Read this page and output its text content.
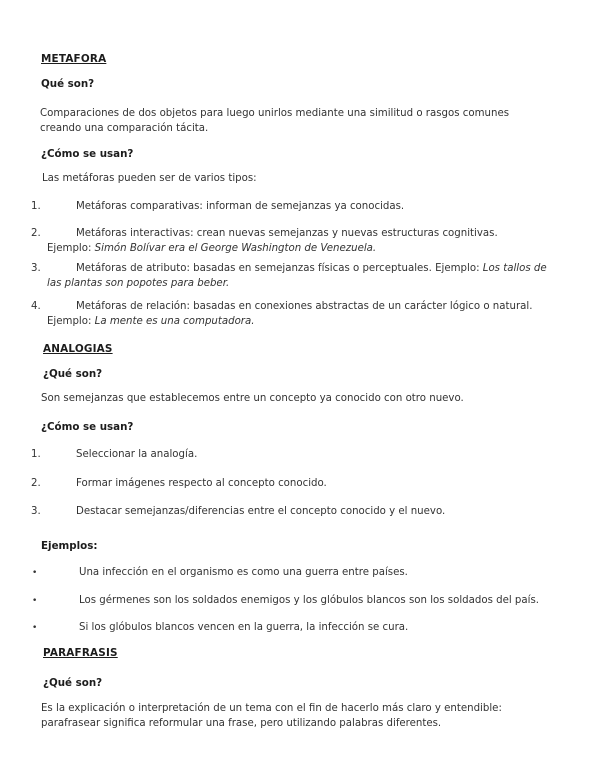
METAFORA
Qué son?
Comparaciones de dos objetos para luego unirlos mediante una similitud o rasgos comunes creando una comparación tácita.
¿Cómo se usan?
Las metáforas pueden ser de varios tipos:
1.	Metáforas comparativas: informan de semejanzas ya conocidas.
2.	Metáforas interactivas: crean nuevas semejanzas y nuevas estructuras cognitivas.
Ejemplo: Simón Bolívar era el George Washington de Venezuela.
3.	Metáforas de atributo: basadas en semejanzas físicas o perceptuales. Ejemplo: Los tallos de las plantas son popotes para beber.
4.	Metáforas de relación: basadas en conexiones abstractas de un carácter lógico o natural.
Ejemplo: La mente es una computadora.
ANALOGIAS
¿Qué son?
Son semejanzas que establecemos entre un concepto ya conocido con otro nuevo.
¿Cómo se usan?
1.	Seleccionar la analogía.
2.	Formar imágenes respecto al concepto conocido.
3.	Destacar semejanzas/diferencias entre el concepto conocido y el nuevo.
Ejemplos:
•	Una infección en el organismo es como una guerra entre países.
•	Los gérmenes son los soldados enemigos y los glóbulos blancos son los soldados del país.
•	Si los glóbulos blancos vencen en la guerra, la infección se cura.
PARAFRASIS
¿Qué son?
Es la explicación o interpretación de un tema con el fin de hacerlo más claro y entendible: parafrasear significa reformular una frase, pero utilizando palabras diferentes.
